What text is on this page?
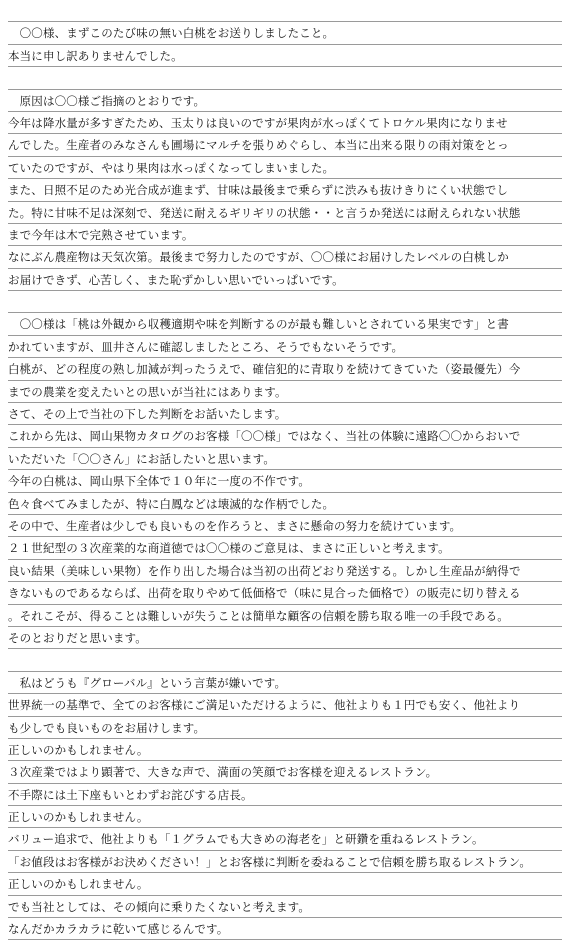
　〇〇様、まずこのたび味の無い白桃をお送りしましたこと。
本当に申し訳ありませんでした。
　原因は〇〇様ご指摘のとおりです。
今年は降水量が多すぎたため、玉太りは良いのですが果肉が水っぽくてトロケル果肉になりませ
んでした。生産者のみなさんも圃場にマルチを張りめぐらし、本当に出来る限りの雨対策をとっ
ていたのですが、やはり果肉は水っぽくなってしまいました。
また、日照不足のため光合成が進まず、甘味は最後まで乗らずに渋みも抜けきりにくい状態でし
た。特に甘味不足は深刻で、発送に耐えるギリギリの状態・・と言うか発送には耐えられない状態
まで今年は木で完熟させています。
なにぶん農産物は天気次第。最後まで努力したのですが、〇〇様にお届けしたレベルの白桃しか
お届けできず、心苦しく、また恥ずかしい思いでいっぱいです。
　〇〇様は「桃は外観から収穫適期や味を判断するのが最も難しいとされている果実です」と書
かれていますが、皿井さんに確認しましたところ、そうでもないそうです。
白桃が、どの程度の熟し加減が判ったうえで、確信犯的に青取りを続けてきていた（姿最優先）今
までの農業を変えたいとの思いが当社にはあります。
さて、その上で当社の下した判断をお話いたします。
これから先は、岡山果物カタログのお客様「〇〇様」ではなく、当社の体験に遠路〇〇からおいで
いただいた「〇〇さん」にお話したいと思います。
今年の白桃は、岡山県下全体で１０年に一度の不作です。
色々食べてみましたが、特に白鳳などは壊滅的な作柄でした。
その中で、生産者は少しでも良いものを作ろうと、まさに懸命の努力を続けています。
２１世紀型の３次産業的な商道徳では〇〇様のご意見は、まさに正しいと考えます。
良い結果（美味しい果物）を作り出した場合は当初の出荷どおり発送する。しかし生産品が納得で
きないものであるならば、出荷を取りやめて低価格で（味に見合った価格で）の販売に切り替える
。それこそが、得ることは難しいが失うことは簡単な顧客の信頼を勝ち取る唯一の手段である。
そのとおりだと思います。
　私はどうも『グローバル』という言葉が嫌いです。
世界統一の基準で、全てのお客様にご満足いただけるように、他社よりも１円でも安く、他社より
も少しでも良いものをお届けします。
正しいのかもしれません。
３次産業ではより顕著で、大きな声で、満面の笑顔でお客様を迎えるレストラン。
不手際には土下座もいとわずお詫びする店長。
正しいのかもしれません。
バリュー追求で、他社よりも「１グラムでも大きめの海老を」と研鑽を重ねるレストラン。
「お値段はお客様がお決めください！」とお客様に判断を委ねることで信頼を勝ち取るレストラン。
正しいのかもしれません。
でも当社としては、その傾向に乗りたくないと考えます。
なんだかカラカラに乾いて感じるんです。
